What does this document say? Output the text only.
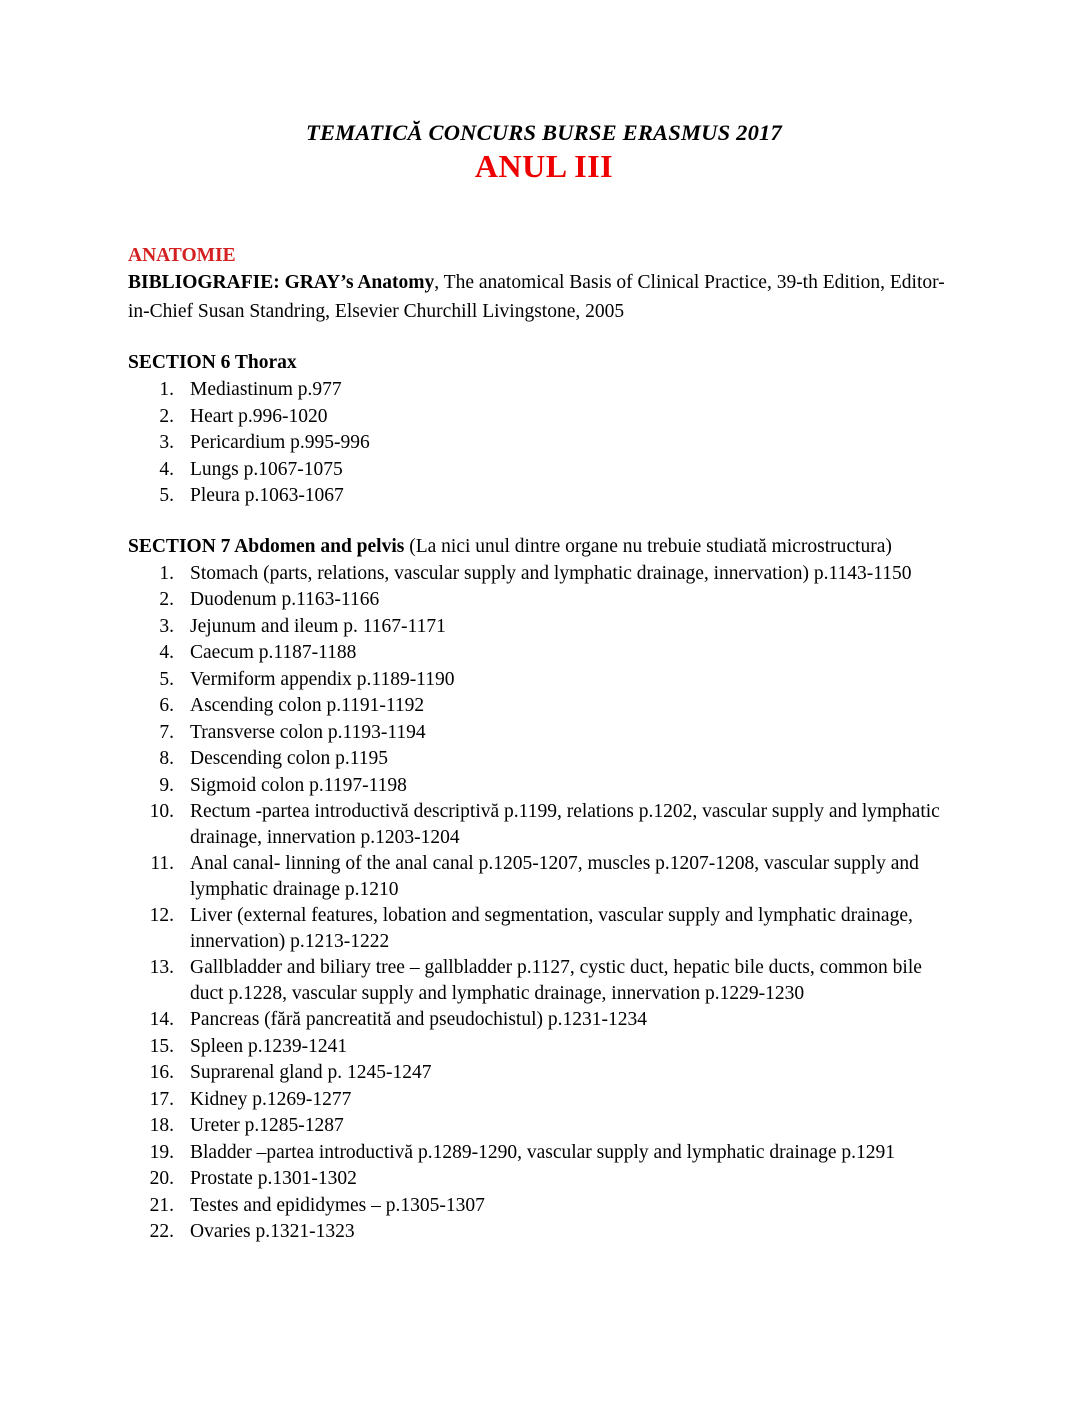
TEMATICĂ CONCURS BURSE ERASMUS 2017
ANUL III
ANATOMIE
BIBLIOGRAFIE: GRAY’s Anatomy, The anatomical Basis of Clinical Practice, 39-th Edition, Editor-in-Chief Susan Standring, Elsevier Churchill Livingstone, 2005
SECTION 6 Thorax
1. Mediastinum p.977
2. Heart p.996-1020
3. Pericardium p.995-996
4. Lungs p.1067-1075
5. Pleura p.1063-1067
SECTION 7 Abdomen and pelvis (La nici unul dintre organe nu trebuie studiată microstructura)
1. Stomach (parts, relations, vascular supply and lymphatic drainage, innervation) p.1143-1150
2. Duodenum p.1163-1166
3. Jejunum and ileum p. 1167-1171
4. Caecum p.1187-1188
5. Vermiform appendix p.1189-1190
6. Ascending colon p.1191-1192
7. Transverse colon p.1193-1194
8. Descending colon p.1195
9. Sigmoid colon p.1197-1198
10. Rectum -partea introductivă descriptivă p.1199, relations p.1202, vascular supply and lymphatic drainage, innervation p.1203-1204
11. Anal canal- linning of the anal canal p.1205-1207, muscles p.1207-1208, vascular supply and lymphatic drainage p.1210
12. Liver (external features, lobation and segmentation, vascular supply and lymphatic drainage, innervation) p.1213-1222
13. Gallbladder and biliary tree – gallbladder p.1127, cystic duct, hepatic bile ducts, common bile duct p.1228, vascular supply and lymphatic drainage, innervation p.1229-1230
14. Pancreas (fără pancreatită and pseudochistul) p.1231-1234
15. Spleen p.1239-1241
16. Suprarenal gland p. 1245-1247
17. Kidney p.1269-1277
18. Ureter p.1285-1287
19. Bladder –partea introductivă p.1289-1290, vascular supply and lymphatic drainage p.1291
20. Prostate p.1301-1302
21. Testes and epididymes – p.1305-1307
22. Ovaries p.1321-1323
